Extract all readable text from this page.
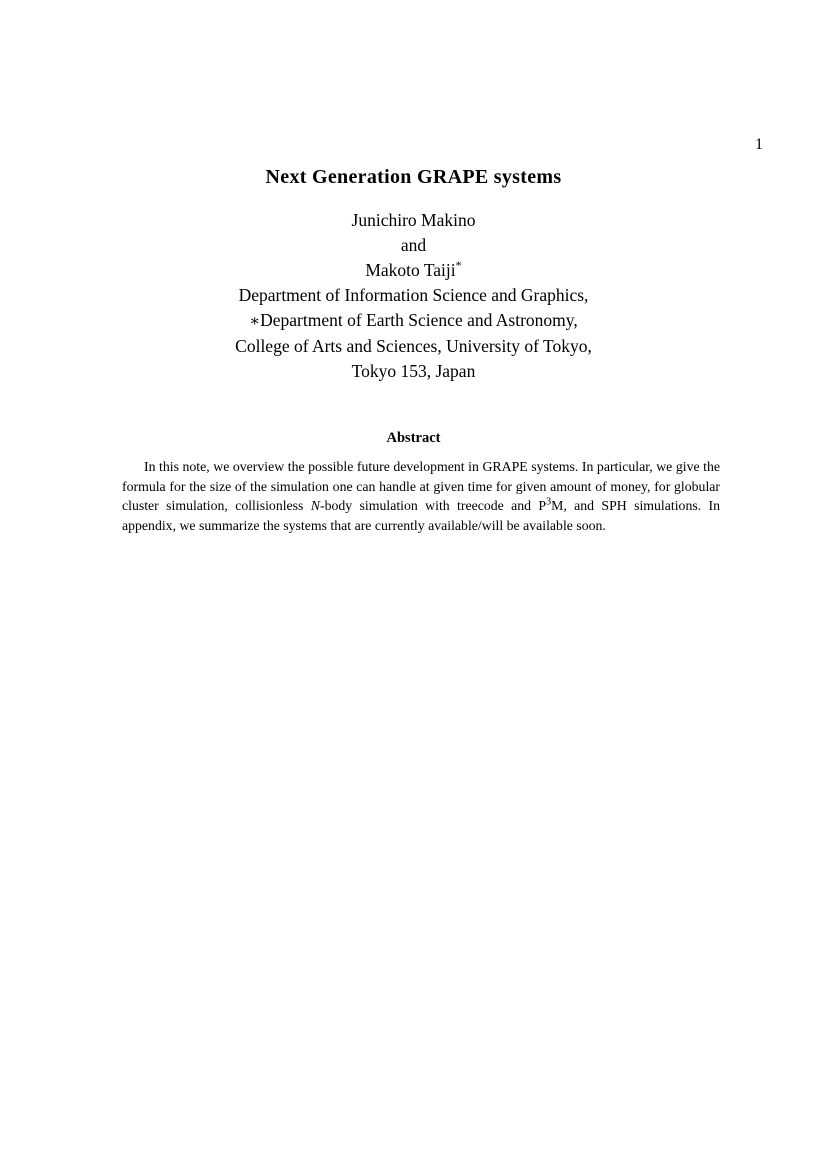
1
Next Generation GRAPE systems
Junichiro Makino
and
Makoto Taiji*
Department of Information Science and Graphics,
∗Department of Earth Science and Astronomy,
College of Arts and Sciences, University of Tokyo,
Tokyo 153, Japan
Abstract

In this note, we overview the possible future development in GRAPE systems. In particular, we give the formula for the size of the simulation one can handle at given time for given amount of money, for globular cluster simulation, collisionless N-body simulation with treecode and $P^3M$, and SPH simulations. In appendix, we summarize the systems that are currently available/will be available soon.
